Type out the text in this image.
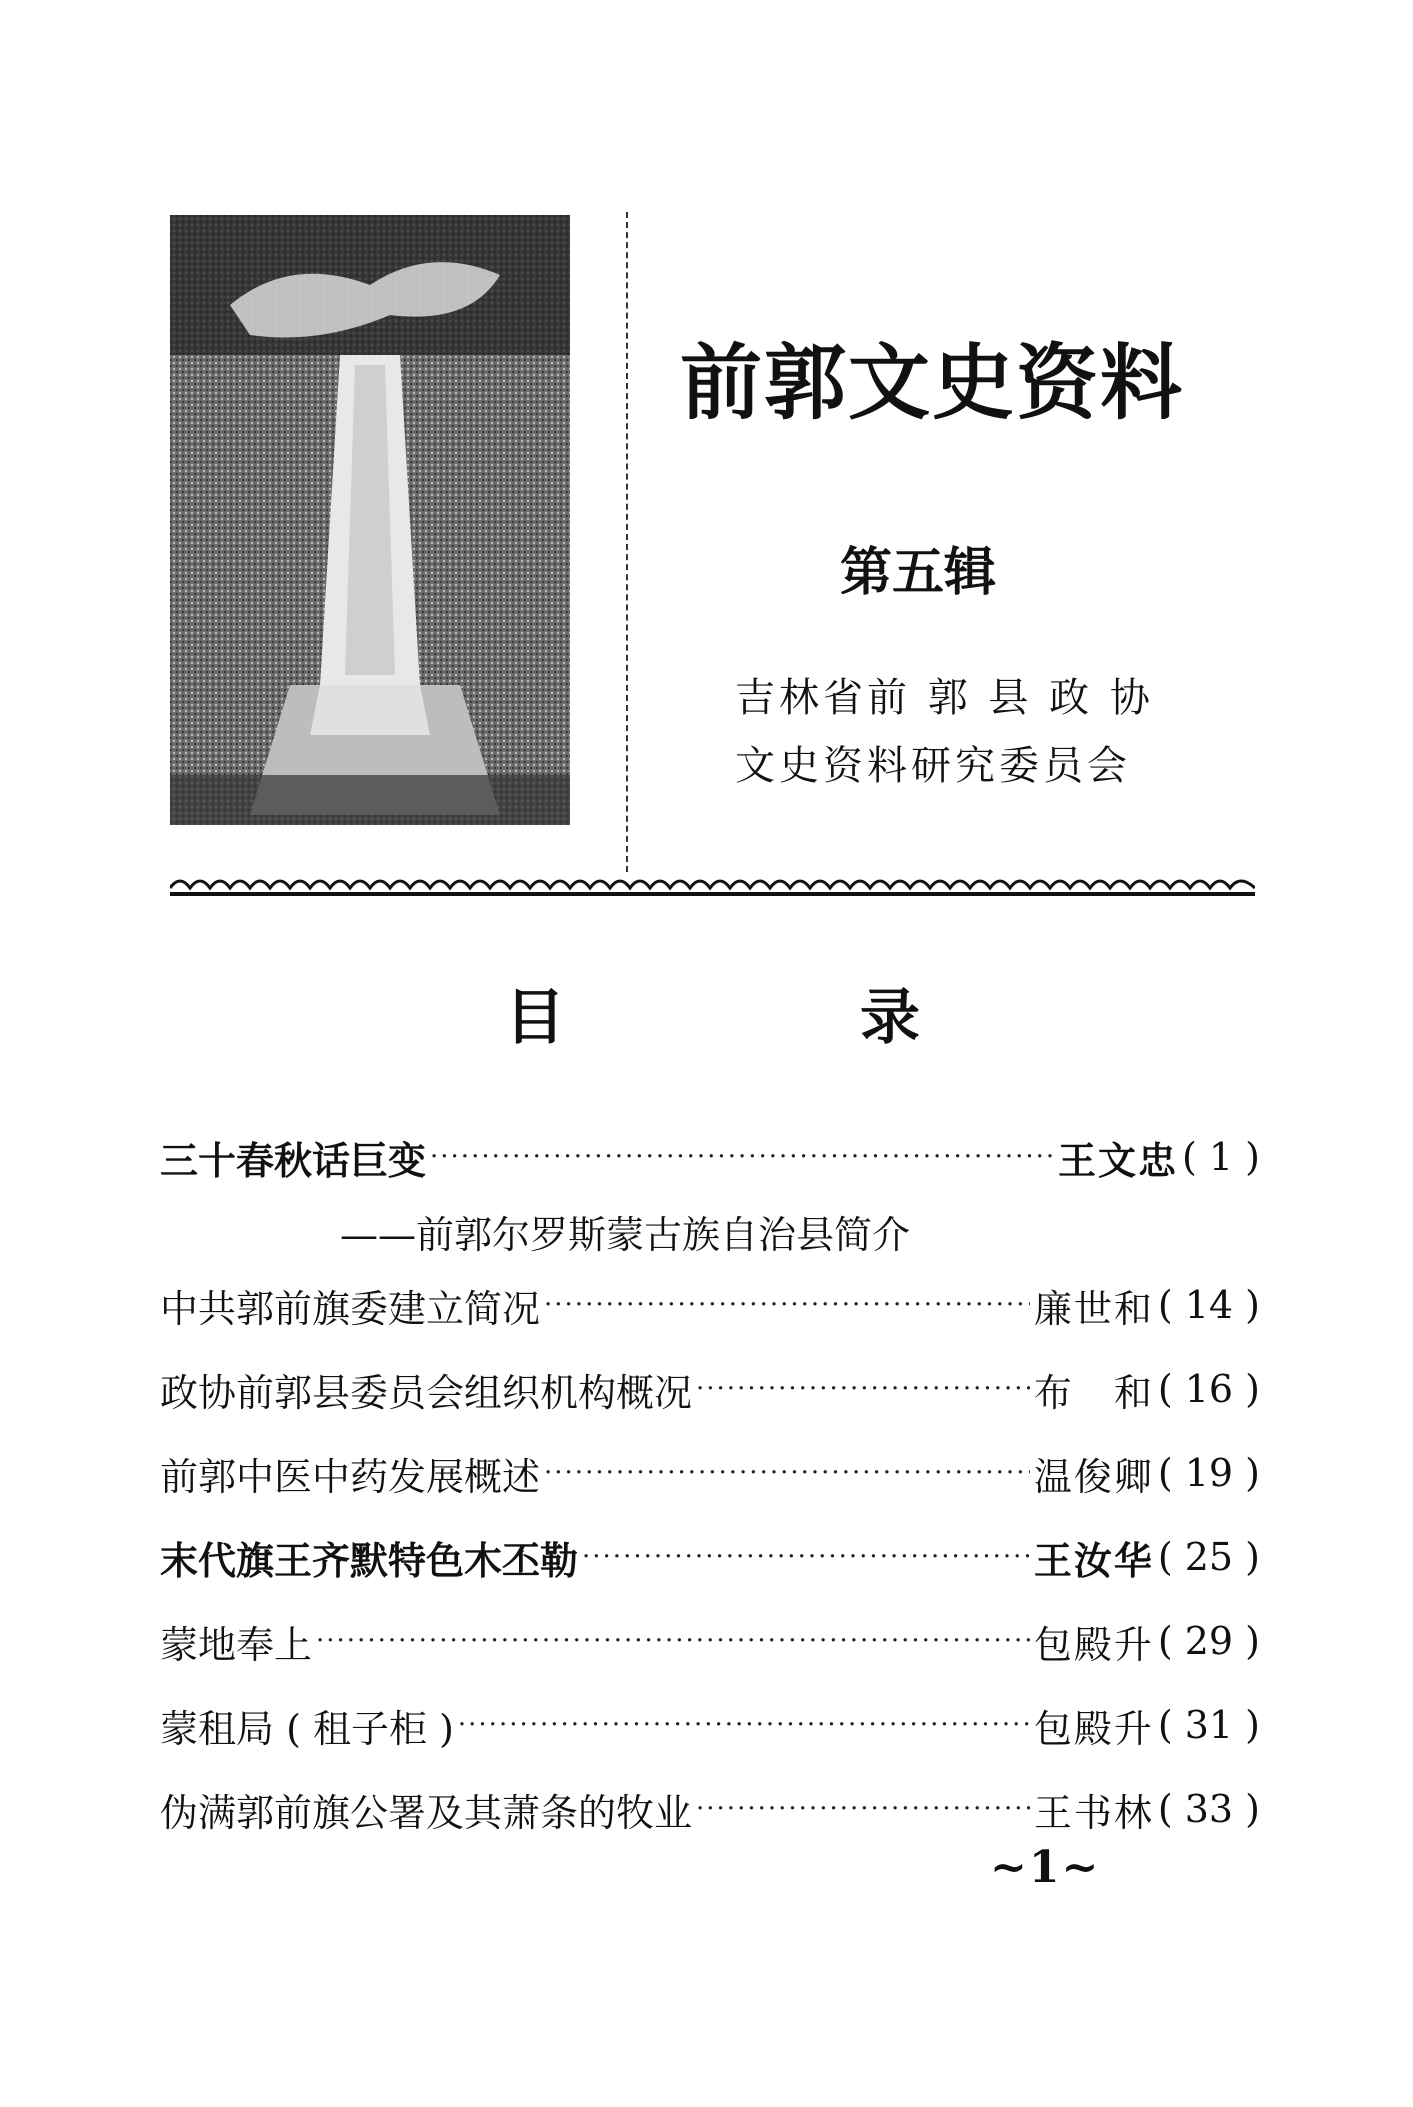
前郭文史资料
第五辑
吉林省前 郭 县 政 协
文史资料研究委员会
目	录
三十春秋话巨变 ·····	王文忠 ( 1 )
——前郭尔罗斯蒙古族自治县简介
中共郭前旗委建立简况 ·····	廉世和 ( 14 )
政协前郭县委员会组织机构概况 ·····	布　和 ( 16 )
前郭中医中药发展概述 ·····	温俊卿 ( 19 )
末代旗王齐默特色木丕勒 ·····	王汝华 ( 25 )
蒙地奉上 ·····	包殿升 ( 29 )
蒙租局 ( 租子柜 ) ·····	包殿升 ( 31 )
伪满郭前旗公署及其萧条的牧业 ·····	王书林 ( 33 )
~1~
